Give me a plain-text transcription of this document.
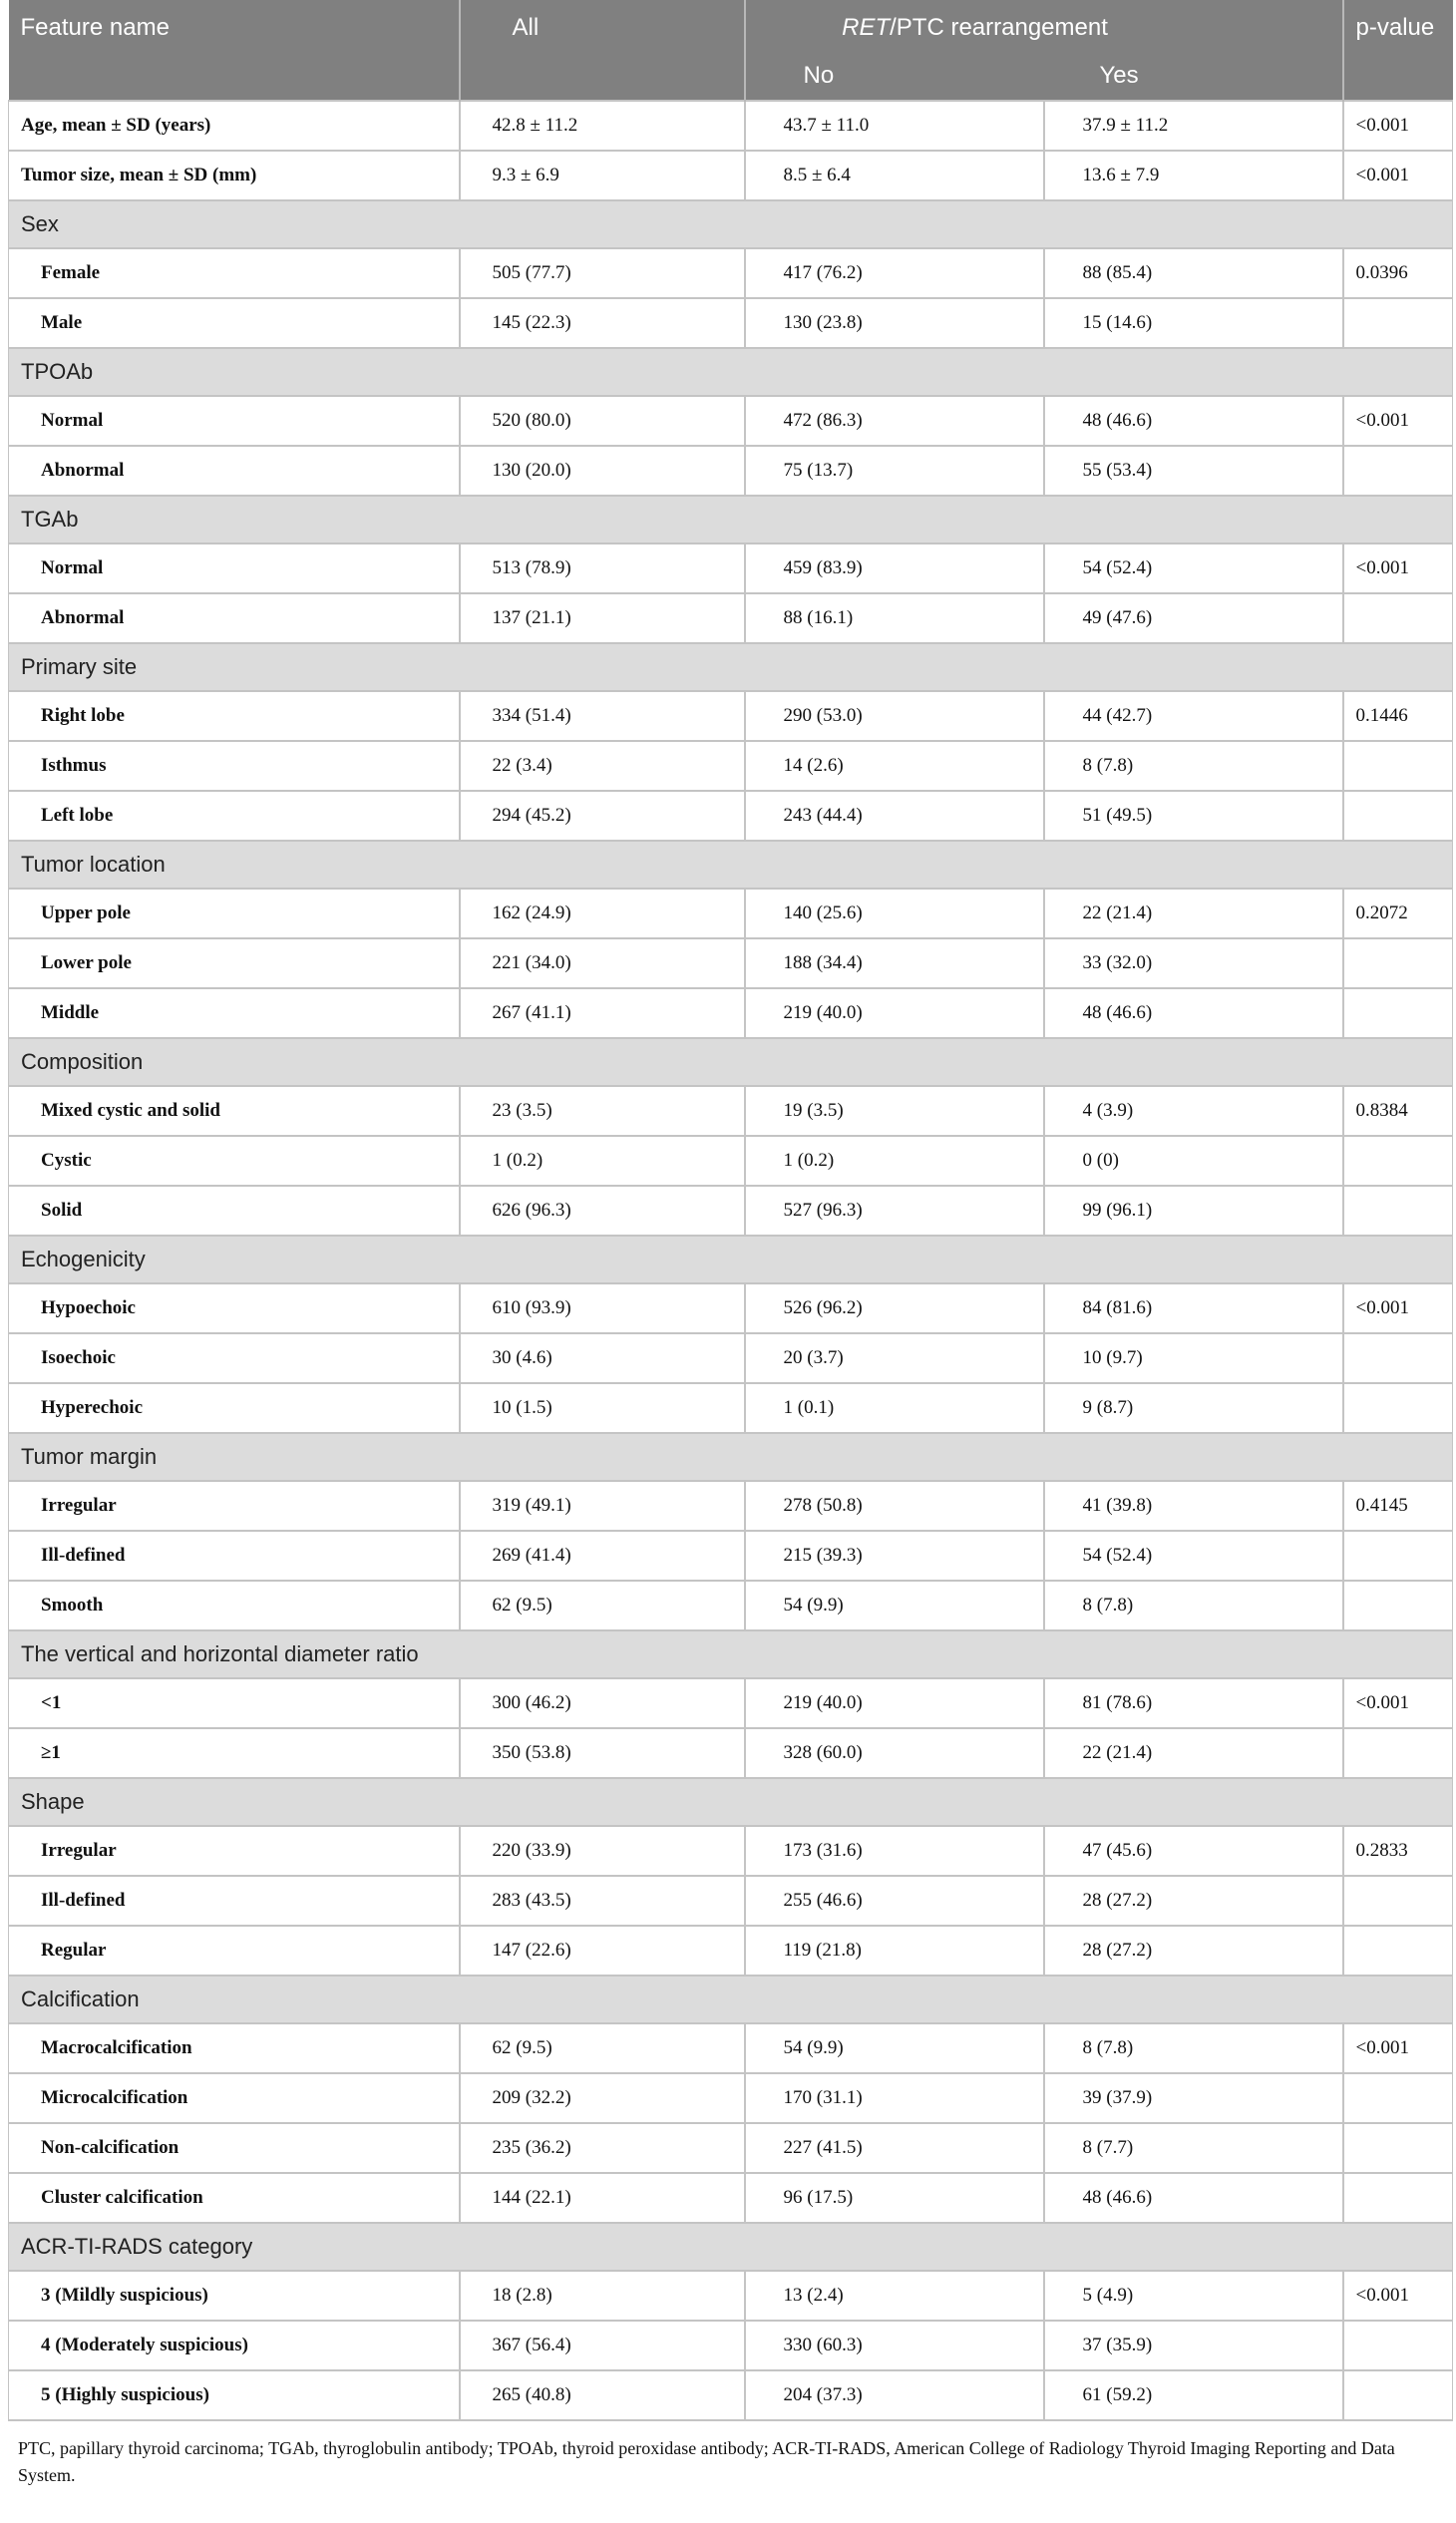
Feature name	All	RET/PTC rearrangement		p-value
		No	Yes	
Age, mean ± SD (years)	42.8 ± 11.2	43.7 ± 11.0	37.9 ± 11.2	<0.001
Tumor size, mean ± SD (mm)	9.3 ± 6.9	8.5 ± 6.4	13.6 ± 7.9	<0.001
Sex				
Female	505 (77.7)	417 (76.2)	88 (85.4)	0.0396
Male	145 (22.3)	130 (23.8)	15 (14.6)	
TPOAb				
Normal	520 (80.0)	472 (86.3)	48 (46.6)	<0.001
Abnormal	130 (20.0)	75 (13.7)	55 (53.4)	
TGAb				
Normal	513 (78.9)	459 (83.9)	54 (52.4)	<0.001
Abnormal	137 (21.1)	88 (16.1)	49 (47.6)	
Primary site				
Right lobe	334 (51.4)	290 (53.0)	44 (42.7)	0.1446
Isthmus	22 (3.4)	14 (2.6)	8 (7.8)	
Left lobe	294 (45.2)	243 (44.4)	51 (49.5)	
Tumor location				
Upper pole	162 (24.9)	140 (25.6)	22 (21.4)	0.2072
Lower pole	221 (34.0)	188 (34.4)	33 (32.0)	
Middle	267 (41.1)	219 (40.0)	48 (46.6)	
Composition				
Mixed cystic and solid	23 (3.5)	19 (3.5)	4 (3.9)	0.8384
Cystic	1 (0.2)	1 (0.2)	0 (0)	
Solid	626 (96.3)	527 (96.3)	99 (96.1)	
Echogenicity				
Hypoechoic	610 (93.9)	526 (96.2)	84 (81.6)	<0.001
Isoechoic	30 (4.6)	20 (3.7)	10 (9.7)	
Hyperechoic	10 (1.5)	1 (0.1)	9 (8.7)	
Tumor margin				
Irregular	319 (49.1)	278 (50.8)	41 (39.8)	0.4145
Ill-defined	269 (41.4)	215 (39.3)	54 (52.4)	
Smooth	62 (9.5)	54 (9.9)	8 (7.8)	
The vertical and horizontal diameter ratio				
<1	300 (46.2)	219 (40.0)	81 (78.6)	<0.001
≥1	350 (53.8)	328 (60.0)	22 (21.4)	
Shape				
Irregular	220 (33.9)	173 (31.6)	47 (45.6)	0.2833
Ill-defined	283 (43.5)	255 (46.6)	28 (27.2)	
Regular	147 (22.6)	119 (21.8)	28 (27.2)	
Calcification				
Macrocalcification	62 (9.5)	54 (9.9)	8 (7.8)	<0.001
Microcalcification	209 (32.2)	170 (31.1)	39 (37.9)	
Non-calcification	235 (36.2)	227 (41.5)	8 (7.7)	
Cluster calcification	144 (22.1)	96 (17.5)	48 (46.6)	
ACR-TI-RADS category				
3 (Mildly suspicious)	18 (2.8)	13 (2.4)	5 (4.9)	<0.001
4 (Moderately suspicious)	367 (56.4)	330 (60.3)	37 (35.9)	
5 (Highly suspicious)	265 (40.8)	204 (37.3)	61 (59.2)	
PTC, papillary thyroid carcinoma; TGAb, thyroglobulin antibody; TPOAb, thyroid peroxidase antibody; ACR-TI-RADS, American College of Radiology Thyroid Imaging Reporting and Data System.
